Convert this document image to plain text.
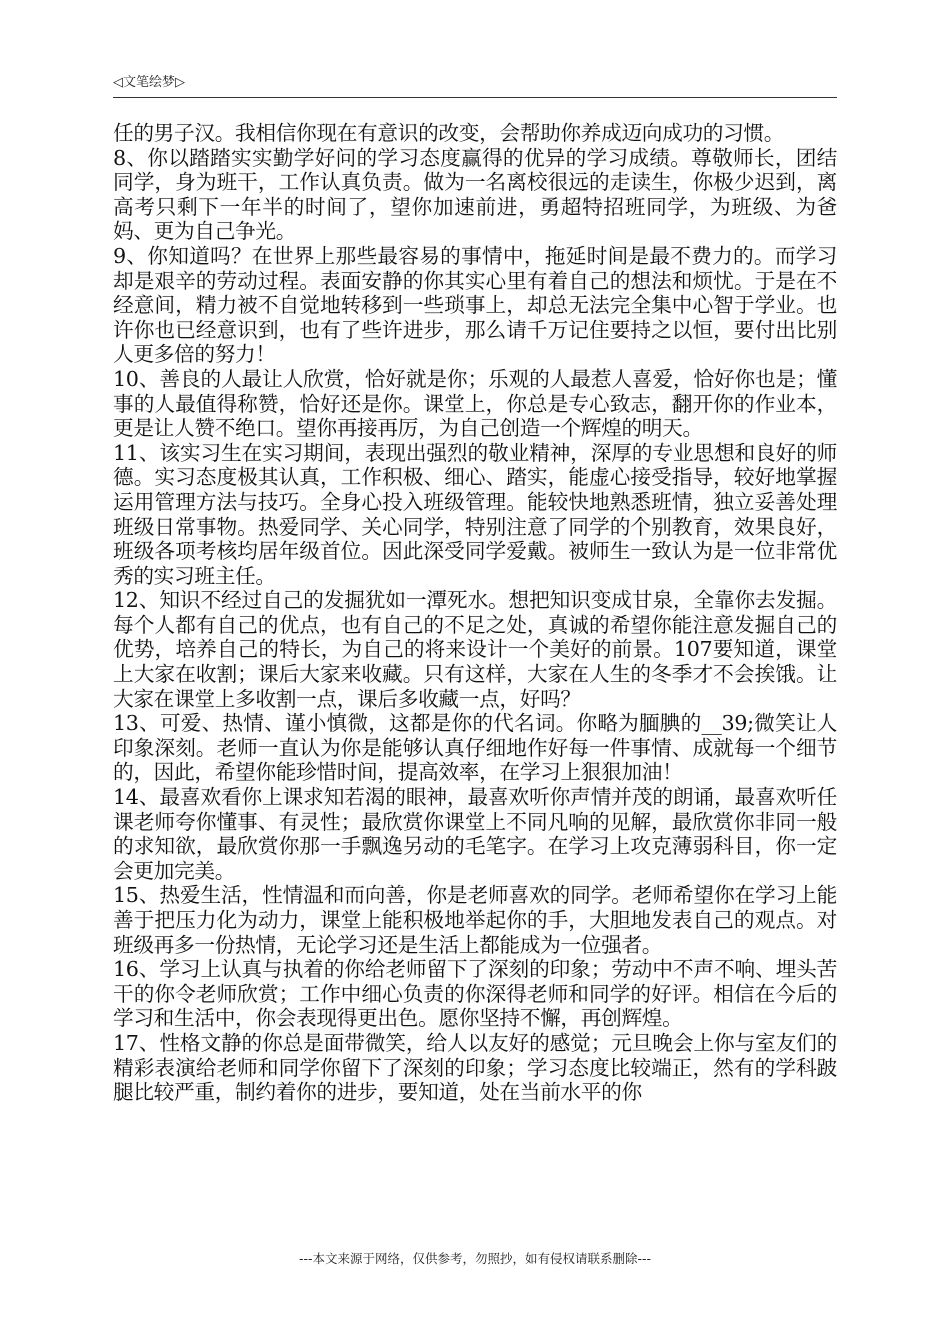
◁文笔绘梦▷

任的男子汉。我相信你现在有意识的改变，会帮助你养成迈向成功的习惯。

8、你以踏踏实实勤学好问的学习态度赢得的优异的学习成绩。尊敬师长，团结同学，身为班干，工作认真负责。做为一名离校很远的走读生，你极少迟到，离高考只剩下一年半的时间了，望你加速前进，勇超特招班同学，为班级、为爸妈、更为自己争光。

9、你知道吗？在世界上那些最容易的事情中，拖延时间是最不费力的。而学习却是艰辛的劳动过程。表面安静的你其实心里有着自己的想法和烦忧。于是在不经意间，精力被不自觉地转移到一些琐事上，却总无法完全集中心智于学业。也许你也已经意识到，也有了些许进步，那么请千万记住要持之以恒，要付出比别人更多倍的努力！

10、善良的人最让人欣赏，恰好就是你；乐观的人最惹人喜爱，恰好你也是；懂事的人最值得称赞，恰好还是你。课堂上，你总是专心致志，翻开你的作业本，更是让人赞不绝口。望你再接再厉，为自己创造一个辉煌的明天。

11、该实习生在实习期间，表现出强烈的敬业精神，深厚的专业思想和良好的师德。实习态度极其认真，工作积极、细心、踏实，能虚心接受指导，较好地掌握运用管理方法与技巧。全身心投入班级管理。能较快地熟悉班情，独立妥善处理班级日常事物。热爱同学、关心同学，特别注意了同学的个别教育，效果良好，班级各项考核均居年级首位。因此深受同学爱戴。被师生一致认为是一位非常优秀的实习班主任。

12、知识不经过自己的发掘犹如一潭死水。想把知识变成甘泉，全靠你去发掘。每个人都有自己的优点，也有自己的不足之处，真诚的希望你能注意发掘自己的优势，培养自己的特长，为自己的将来设计一个美好的前景。107要知道，课堂上大家在收割；课后大家来收藏。只有这样，大家在人生的冬季才不会挨饿。让大家在课堂上多收割一点，课后多收藏一点，好吗？

13、可爱、热情、谨小慎微，这都是你的代名词。你略为腼腆的__39;微笑让人印象深刻。老师一直认为你是能够认真仔细地作好每一件事情、成就每一个细节的，因此，希望你能珍惜时间，提高效率，在学习上狠狠加油！

14、最喜欢看你上课求知若渴的眼神，最喜欢听你声情并茂的朗诵，最喜欢听任课老师夸你懂事、有灵性；最欣赏你课堂上不同凡响的见解，最欣赏你非同一般的求知欲，最欣赏你那一手飘逸另动的毛笔字。在学习上攻克薄弱科目，你一定会更加完美。

15、热爱生活，性情温和而向善，你是老师喜欢的同学。老师希望你在学习上能善于把压力化为动力，课堂上能积极地举起你的手，大胆地发表自己的观点。对班级再多一份热情，无论学习还是生活上都能成为一位强者。

16、学习上认真与执着的你给老师留下了深刻的印象；劳动中不声不响、埋头苦干的你令老师欣赏；工作中细心负责的你深得老师和同学的好评。相信在今后的学习和生活中，你会表现得更出色。愿你坚持不懈，再创辉煌。

17、性格文静的你总是面带微笑，给人以友好的感觉；元旦晚会上你与室友们的精彩表演给老师和同学你留下了深刻的印象；学习态度比较端正，然有的学科跛腿比较严重，制约着你的进步，要知道，处在当前水平的你

---本文来源于网络，仅供参考，勿照抄，如有侵权请联系删除---
